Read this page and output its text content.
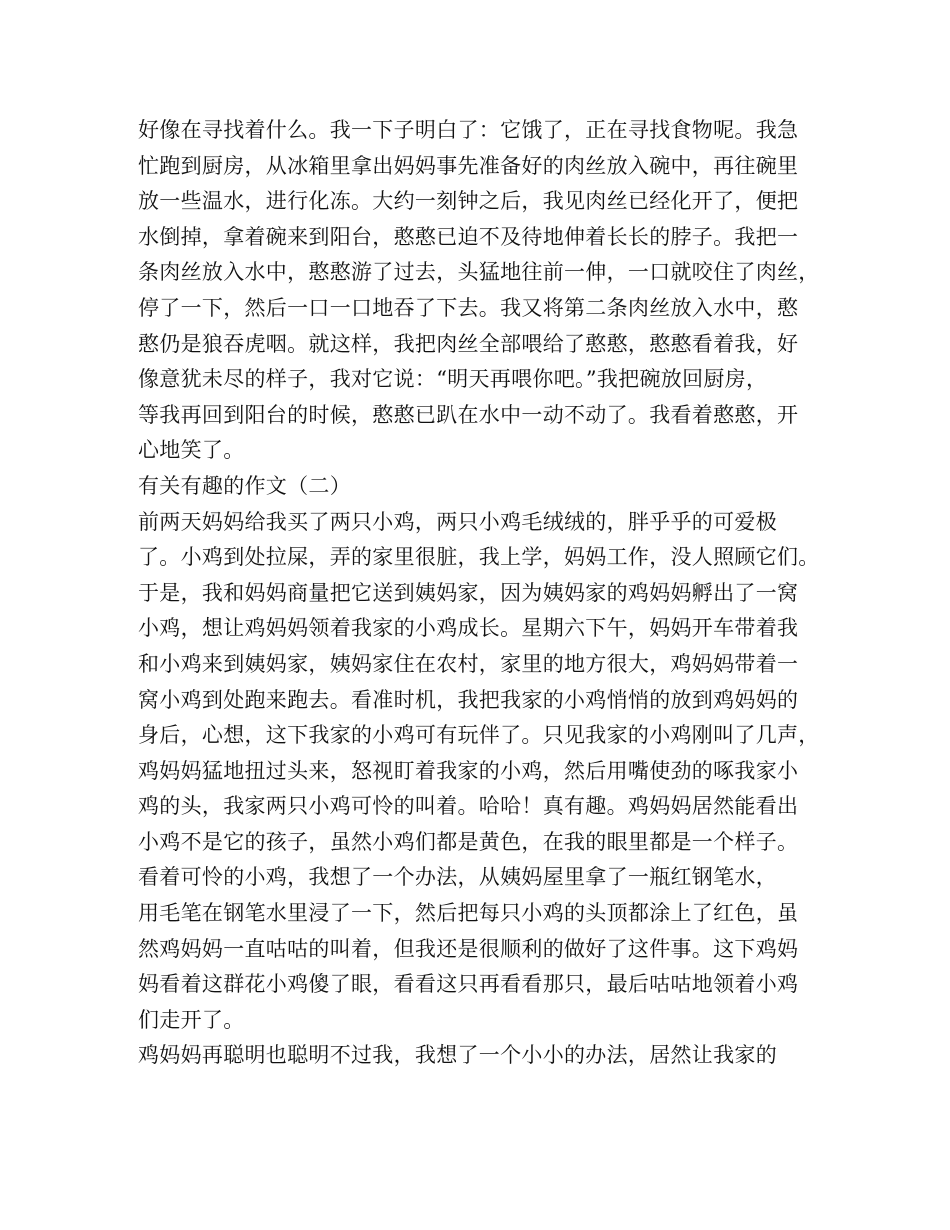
好像在寻找着什么。我一下子明白了：它饿了，正在寻找食物呢。我急
忙跑到厨房，从冰箱里拿出妈妈事先准备好的肉丝放入碗中，再往碗里
放一些温水，进行化冻。大约一刻钟之后，我见肉丝已经化开了，便把
水倒掉，拿着碗来到阳台，憨憨已迫不及待地伸着长长的脖子。我把一
条肉丝放入水中，憨憨游了过去，头猛地往前一伸，一口就咬住了肉丝，
停了一下，然后一口一口地吞了下去。我又将第二条肉丝放入水中，憨
憨仍是狼吞虎咽。就这样，我把肉丝全部喂给了憨憨，憨憨看着我，好
像意犹未尽的样子，我对它说：“明天再喂你吧。”我把碗放回厨房，
等我再回到阳台的时候，憨憨已趴在水中一动不动了。我看着憨憨，开
心地笑了。
有关有趣的作文（二）
前两天妈妈给我买了两只小鸡，两只小鸡毛绒绒的，胖乎乎的可爱极
了。小鸡到处拉屎，弄的家里很脏，我上学，妈妈工作，没人照顾它们。
于是，我和妈妈商量把它送到姨妈家，因为姨妈家的鸡妈妈孵出了一窝
小鸡，想让鸡妈妈领着我家的小鸡成长。星期六下午，妈妈开车带着我
和小鸡来到姨妈家，姨妈家住在农村，家里的地方很大，鸡妈妈带着一
窝小鸡到处跑来跑去。看准时机，我把我家的小鸡悄悄的放到鸡妈妈的
身后，心想，这下我家的小鸡可有玩伴了。只见我家的小鸡刚叫了几声，
鸡妈妈猛地扭过头来，怒视盯着我家的小鸡，然后用嘴使劲的啄我家小
鸡的头，我家两只小鸡可怜的叫着。哈哈！真有趣。鸡妈妈居然能看出
小鸡不是它的孩子，虽然小鸡们都是黄色，在我的眼里都是一个样子。
看着可怜的小鸡，我想了一个办法，从姨妈屋里拿了一瓶红钢笔水，
用毛笔在钢笔水里浸了一下，然后把每只小鸡的头顶都涂上了红色，虽
然鸡妈妈一直咕咕的叫着，但我还是很顺利的做好了这件事。这下鸡妈
妈看着这群花小鸡傻了眼，看看这只再看看那只，最后咕咕地领着小鸡
们走开了。
鸡妈妈再聪明也聪明不过我，我想了一个小小的办法，居然让我家的
